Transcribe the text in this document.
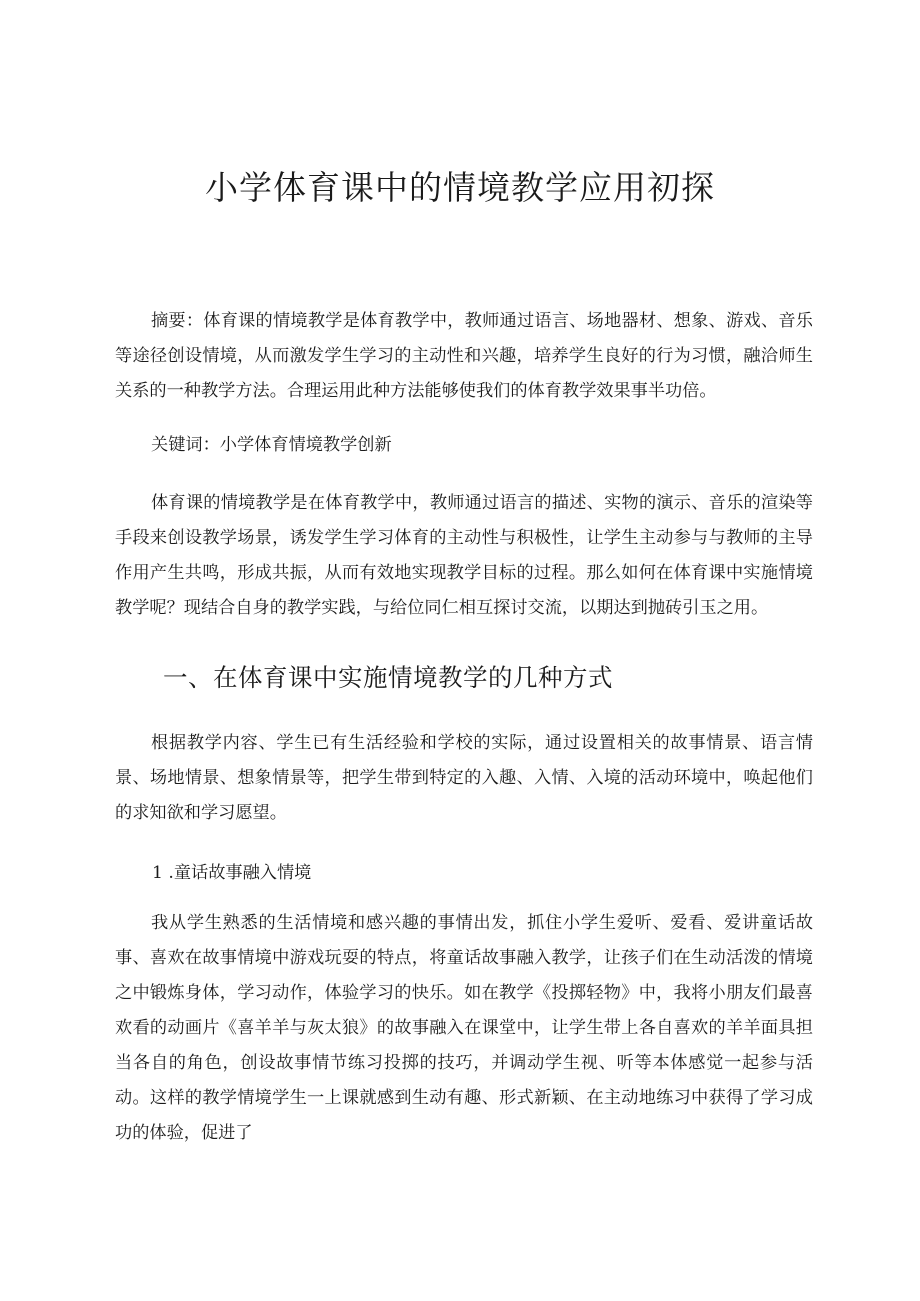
小学体育课中的情境教学应用初探

摘要：体育课的情境教学是体育教学中，教师通过语言、场地器材、想象、游戏、音乐等途径创设情境，从而激发学生学习的主动性和兴趣，培养学生良好的行为习惯，融洽师生关系的一种教学方法。合理运用此种方法能够使我们的体育教学效果事半功倍。

关键词：小学体育情境教学创新

体育课的情境教学是在体育教学中，教师通过语言的描述、实物的演示、音乐的渲染等手段来创设教学场景，诱发学生学习体育的主动性与积极性，让学生主动参与与教师的主导作用产生共鸣，形成共振，从而有效地实现教学目标的过程。那么如何在体育课中实施情境教学呢？现结合自身的教学实践，与给位同仁相互探讨交流，以期达到抛砖引玉之用。

一、在体育课中实施情境教学的几种方式

根据教学内容、学生已有生活经验和学校的实际，通过设置相关的故事情景、语言情景、场地情景、想象情景等，把学生带到特定的入趣、入情、入境的活动环境中，唤起他们的求知欲和学习愿望。

1 .童话故事融入情境

我从学生熟悉的生活情境和感兴趣的事情出发，抓住小学生爱听、爱看、爱讲童话故事、喜欢在故事情境中游戏玩耍的特点，将童话故事融入教学，让孩子们在生动活泼的情境之中锻炼身体，学习动作，体验学习的快乐。如在教学《投掷轻物》中，我将小朋友们最喜欢看的动画片《喜羊羊与灰太狼》的故事融入在课堂中，让学生带上各自喜欢的羊羊面具担当各自的角色，创设故事情节练习投掷的技巧，并调动学生视、听等本体感觉一起参与活动。这样的教学情境学生一上课就感到生动有趣、形式新颖、在主动地练习中获得了学习成功的体验，促进了
